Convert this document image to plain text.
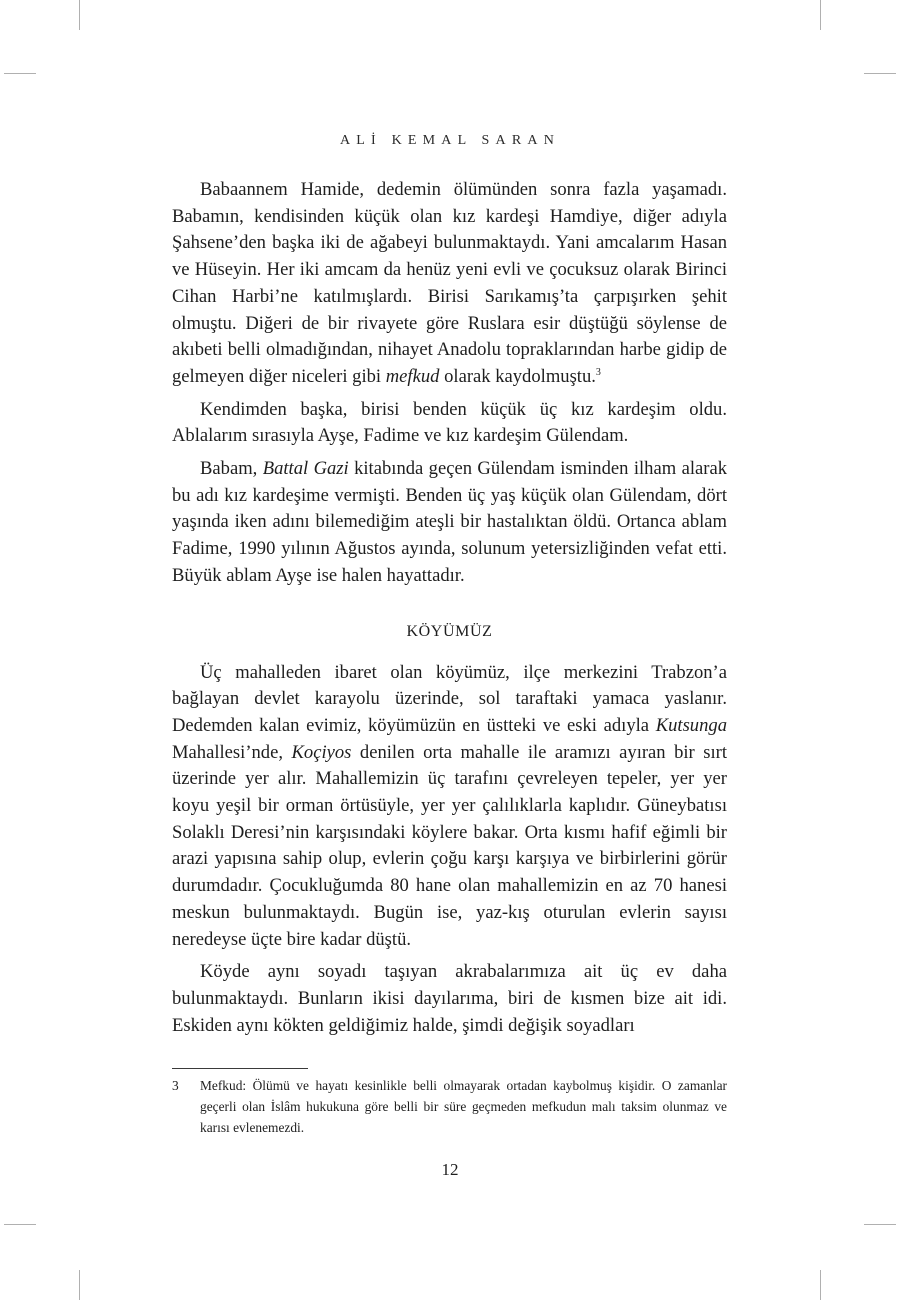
ALİ KEMAL SARAN

Babaannem Hamide, dedemin ölümünden sonra fazla yaşamadı. Babamın, kendisinden küçük olan kız kardeşi Hamdiye, diğer adıyla Şahsene’den başka iki de ağabeyi bulunmaktaydı. Yani amcalarım Hasan ve Hüseyin. Her iki amcam da henüz yeni evli ve çocuksuz olarak Birinci Cihan Harbi’ne katılmışlardı. Birisi Sarıkamış’ta çarpışırken şehit olmuştu. Diğeri de bir rivayete göre Ruslara esir düştüğü söylense de akıbeti belli olmadığından, nihayet Anadolu topraklarından harbe gidip de gelmeyen diğer niceleri gibi mefkud olarak kaydolmuştu.$^3$

Kendimden başka, birisi benden küçük üç kız kardeşim oldu. Ablalarım sırasıyla Ayşe, Fadime ve kız kardeşim Gülendam.

Babam, Battal Gazi kitabında geçen Gülendam isminden ilham alarak bu adı kız kardeşime vermişti. Benden üç yaş küçük olan Gülendam, dört yaşında iken adını bilemediğim ateşli bir hastalıktan öldü. Ortanca ablam Fadime, 1990 yılının Ağustos ayında, solunum yetersizliğinden vefat etti. Büyük ablam Ayşe ise halen hayattadır.

KÖYÜMÜZ

Üç mahalleden ibaret olan köyümüz, ilçe merkezini Trabzon’a bağlayan devlet karayolu üzerinde, sol taraftaki yamaca yaslanır. Dedemden kalan evimiz, köyümüzün en üstteki ve eski adıyla Kutsunga Mahallesi’nde, Koçiyos denilen orta mahalle ile aramızı ayıran bir sırt üzerinde yer alır. Mahallemizin üç tarafını çevreleyen tepeler, yer yer koyu yeşil bir orman örtüsüyle, yer yer çalılıklarla kaplıdır. Güneybatısı Solaklı Deresi’nin karşısındaki köylere bakar. Orta kısmı hafif eğimli bir arazi yapısına sahip olup, evlerin çoğu karşı karşıya ve birbirlerini görür durumdadır. Çocukluğumda 80 hane olan mahallemizin en az 70 hanesi meskun bulunmaktaydı. Bugün ise, yaz-kış oturulan evlerin sayısı neredeyse üçte bire kadar düştü.

Köyde aynı soyadı taşıyan akrabalarımıza ait üç ev daha bulunmaktaydı. Bunların ikisi dayılarıma, biri de kısmen bize ait idi. Eskiden aynı kökten geldiğimiz halde, şimdi değişik soyadları

3	Mefkud: Ölümü ve hayatı kesinlikle belli olmayarak ortadan kaybolmuş kişidir. O zamanlar geçerli olan İslâm hukukuna göre belli bir süre geçmeden mefkudun malı taksim olunmaz ve karısı evlenemezdi.
12
